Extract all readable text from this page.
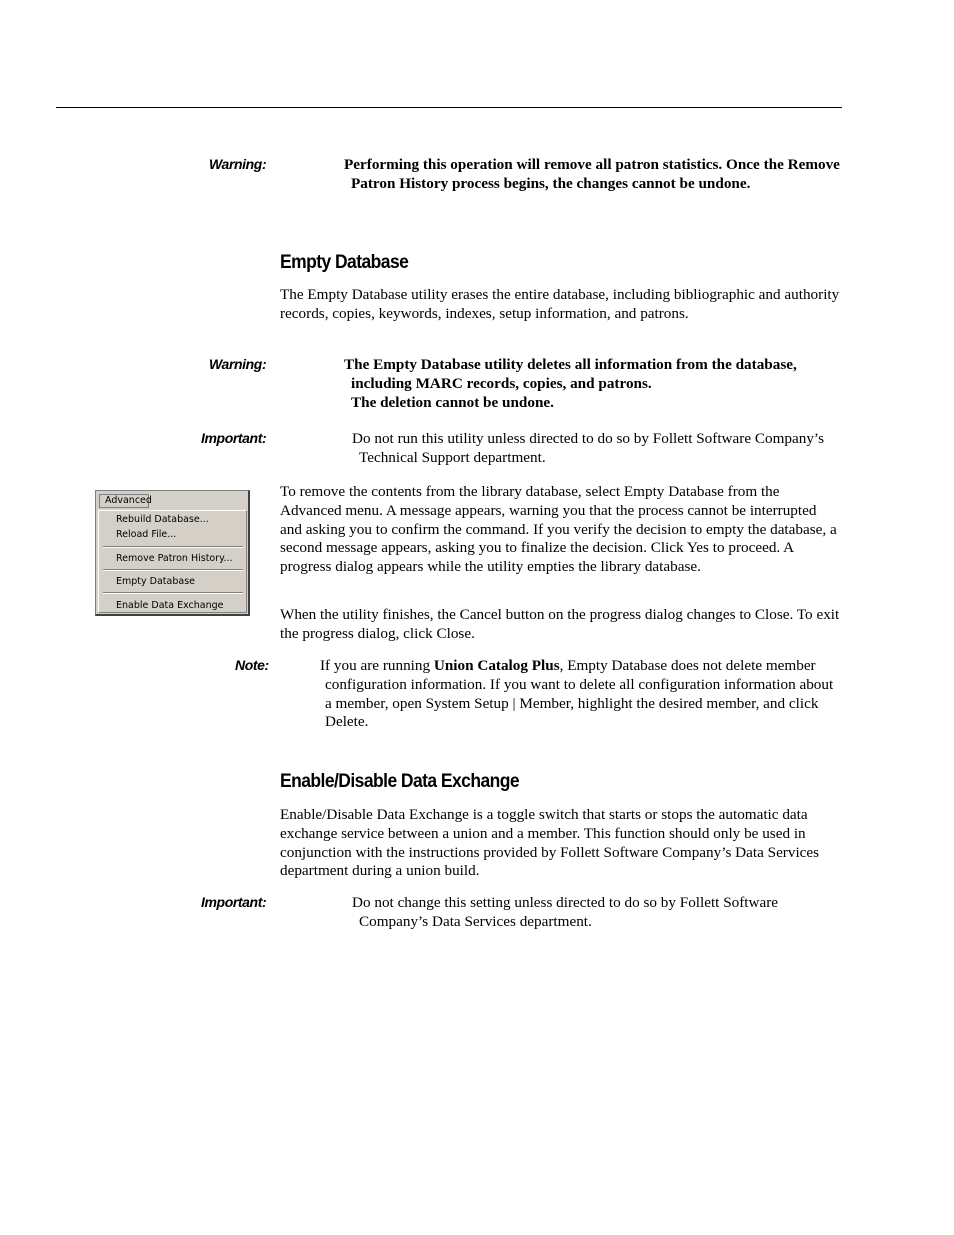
Warning:	Performing this operation will remove all patron statistics. Once the Remove Patron History process begins, the changes cannot be undone.

Empty Database

The Empty Database utility erases the entire database, including bibliographic and authority records, copies, keywords, indexes, setup information, and patrons.

Warning:	The Empty Database utility deletes all information from the database, including MARC records, copies, and patrons.
The deletion cannot be undone.

Important:	Do not run this utility unless directed to do so by Follett Software Company’s Technical Support department.

To remove the contents from the library database, select Empty Database from the Advanced menu. A message appears, warning you that the process cannot be interrupted and asking you to confirm the command. If you verify the decision to empty the database, a second message appears, asking you to finalize the decision. Click Yes to proceed. A progress dialog appears while the utility empties the library database.

When the utility finishes, the Cancel button on the progress dialog changes to Close. To exit the progress dialog, click Close.

Note:	If you are running Union Catalog Plus, Empty Database does not delete member configuration information. If you want to delete all configuration information about a member, open System Setup | Member, highlight the desired member, and click Delete.

Enable/Disable Data Exchange

Enable/Disable Data Exchange is a toggle switch that starts or stops the automatic data exchange service between a union and a member. This function should only be used in conjunction with the instructions provided by Follett Software Company’s Data Services department during a union build.

Important:	Do not change this setting unless directed to do so by Follett Software Company’s Data Services department.

Advanced
Rebuild Database...
Reload File...
Remove Patron History...
Empty Database
Enable Data Exchange
